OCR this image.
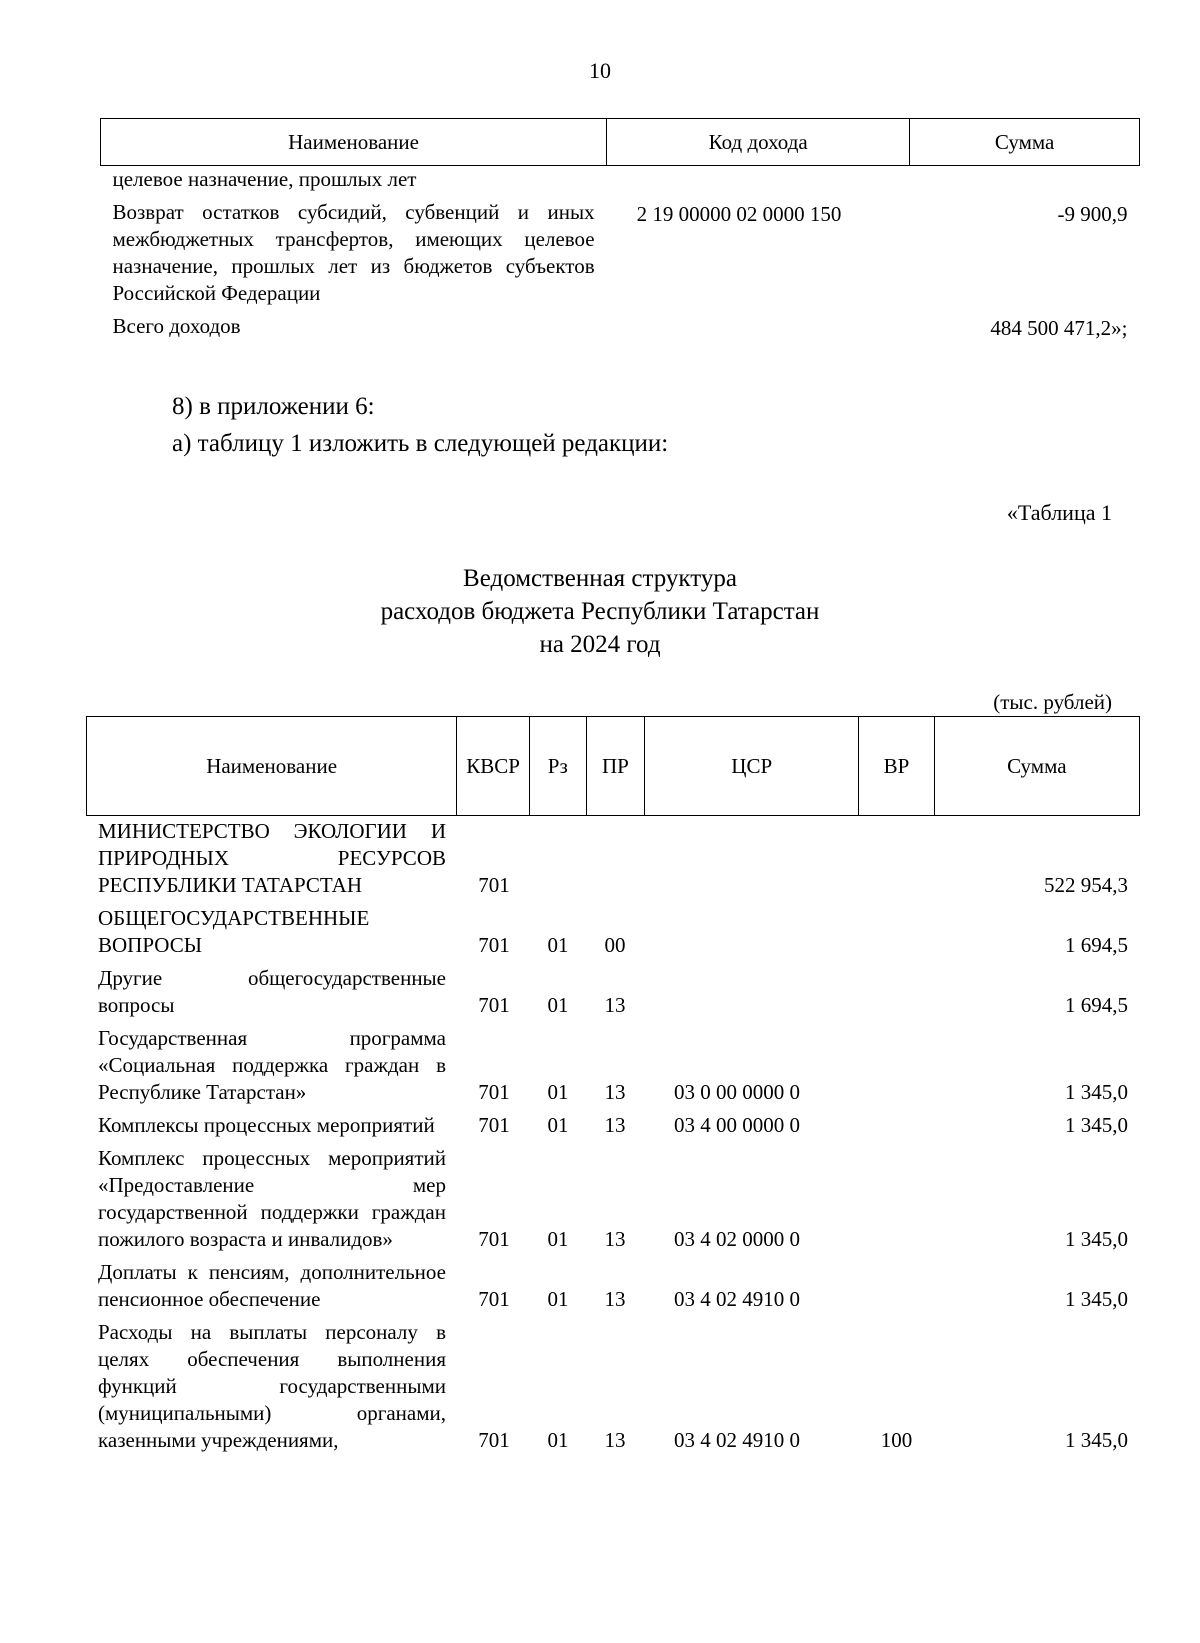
10
Наименование	Код дохода	Сумма
целевое назначение, прошлых лет		
Возврат остатков субсидий, субвенций и иных межбюджетных трансфертов, имеющих целевое назначение, прошлых лет из бюджетов субъектов Российской Федерации	2 19 00000 02 0000 150	-9 900,9
Всего доходов		484 500 471,2»;
8) в приложении 6:
а) таблицу 1 изложить в следующей редакции:
«Таблица 1
Ведомственная структура
расходов бюджета Республики Татарстан
на 2024 год
(тыс. рублей)
Наименование	КВСР	Рз	ПР	ЦСР	ВР	Сумма
МИНИСТЕРСТВО ЭКОЛОГИИ И ПРИРОДНЫХ РЕСУРСОВ РЕСПУБЛИКИ ТАТАРСТАН	701					522 954,3
ОБЩЕГОСУДАРСТВЕННЫЕ ВОПРОСЫ	701	01	00			1 694,5
Другие общегосударственные вопросы	701	01	13			1 694,5
Государственная программа «Социальная поддержка граждан в Республике Татарстан»	701	01	13	03 0 00 0000 0		1 345,0
Комплексы процессных мероприятий	701	01	13	03 4 00 0000 0		1 345,0
Комплекс процессных мероприятий «Предоставление мер государственной поддержки граждан пожилого возраста и инвалидов»	701	01	13	03 4 02 0000 0		1 345,0
Доплаты к пенсиям, дополнительное пенсионное обеспечение	701	01	13	03 4 02 4910 0		1 345,0
Расходы на выплаты персоналу в целях обеспечения выполнения функций государственными (муниципальными) органами, казенными учреждениями,	701	01	13	03 4 02 4910 0	100	1 345,0
